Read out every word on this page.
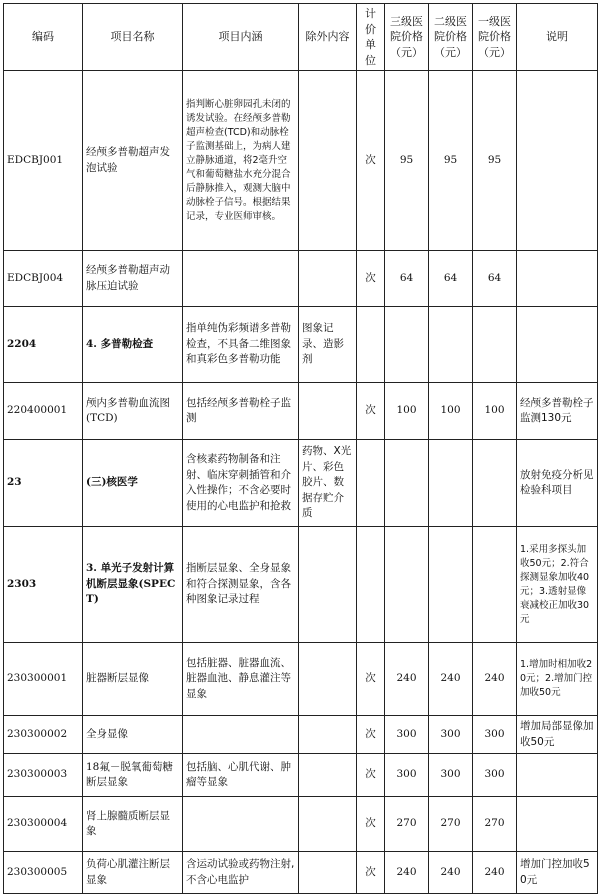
编码	项目名称	项目内涵	除外内容	计价单位	三级医院价格（元）	二级医院价格（元）	一级医院价格（元）	说明
EDCBJ001	经颅多普勒超声发泡试验	指判断心脏卵园孔未闭的诱发试验。在经颅多普勒超声检查(TCD)和动脉栓子监测基础上，为病人建立静脉通道，将2毫升空气和葡萄糖盐水充分混合后静脉推入，观测大脑中动脉栓子信号。根据结果记录，专业医师审核。		次	95	95	95	
EDCBJ004	经颅多普勒超声动脉压迫试验			次	64	64	64	
2204	4. 多普勒检查	指单纯伪彩频谱多普勒检查，不具备二维图象和真彩色多普勒功能	图象记录、造影剂					
220400001	颅内多普勒血流图(TCD)	包括经颅多普勒栓子监测		次	100	100	100	经颅多普勒栓子监测130元
23	(三)核医学	含核素药物制备和注射、临床穿刺插管和介入性操作；不含必要时使用的心电监护和抢救	药物、X光片、彩色胶片、数据存贮介质					放射免疫分析见检验科项目
2303	3. 单光子发射计算机断层显象(SPECT)	指断层显象、全身显象和符合探测显象，含各种图象记录过程						1.采用多探头加收50元；2.符合探测显象加收40元；3.透射显像衰减校正加收30元
230300001	脏器断层显像	包括脏器、脏器血流、脏器血池、静息灌注等显象		次	240	240	240	1.增加时相加收20元；2.增加门控加收50元
230300002	全身显像			次	300	300	300	增加局部显像加收50元
230300003	18氟－脱氧葡萄糖断层显象	包括脑、心肌代谢、肿瘤等显象		次	300	300	300	
230300004	肾上腺髓质断层显象			次	270	270	270	
230300005	负荷心肌灌注断层显象	含运动试验或药物注射,不含心电监护		次	240	240	240	增加门控加收50元
